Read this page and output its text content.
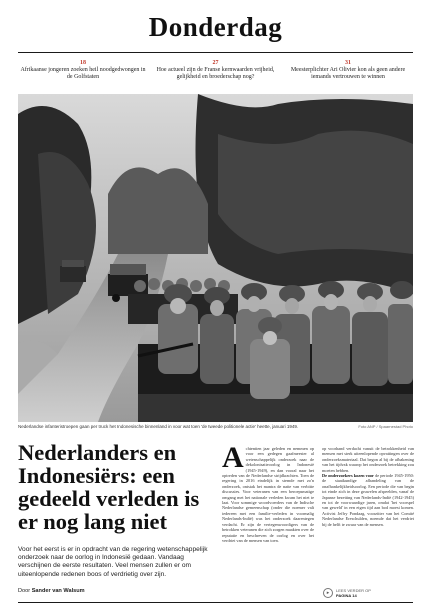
Donderdag
18
Afrikaanse jongeren zoeken heil noodgedwongen in de Golfstaten
27
Hoe actueel zijn de Franse kernwaarden vrijheid, gelijkheid en broederschap nog?
31
Meesterplichter Ari Olivier kon als geen andere iemands vertrouwen te winnen
Nederlandse infanteristroepen gaan per truck het Indonesische binnenland in voor wat toen 'de tweede politionele actie' heette, januari 1949.	Foto ANP / Spaarnestad Photo
Nederlanders en Indonesiërs: een gedeeld verleden is er nog lang niet
Voor het eerst is er in opdracht van de regering wetenschappelijk onderzoek naar de oorlog in Indonesië gedaan. Vandaag verschijnen de eerste resultaten. Veel mensen zullen er om uiteenlopende redenen boos of verdrietig over zijn.
Door Sander van Walsum
A chtentien jaar geleden en nemmen op voor een gedegen gaafmeester al wetenschappelijk onderzoek naar de dekolonisatieoorlog in Indonesië (1945-1949), en dan vooral naar het optreden van de Nederlandse strijdkrachten. Toen de regering in 2016 eindelijk in stemde met zo'n onderzoek, ontstak het mantra de natte van verbitte discussies. Voor veteranen van een beroepsmatige omgang met het nationale verleden kwam het niet te laat. Voor sommige woordvoerders van de Indische Nederlandse gemeenschap (onder die noemer valt iedereen met een familie-verleden in voormalig Nederlands-Indië) was het onderzoek daarentegen verdacht. Er zijn de vertegenwoordigers van de betrokken veteranen die zich zorgen maakten over de reputatie en beschreven de oorlog en over het verdriet van de mensen van toen.
op voorhand verdacht vanuit de betrokkenheid van mensen met sterk uiteenlopende opvattingen over de onderzoeksmateriaal. Dat begon al bij de afbakening van het tijdvak waarop het onderzoek betrekking zou moeten hebben.
De onderzoekers kozen voor de periode 1945-1950: de staatkundige afhandeling van de onafhankelijkheidsoorlog. Een periode die van begin tot einde zich in deze gruwelen afspeelden, vanaf de Japanse bezetting van Nederlands-Indië (1942-1945) en tot de voorwaardige jaren, omdat 'het voorspel van geweld' in een eigen tijd aan bod moest komen. Activist Jeffry Pondaag, voorzitter van het Comité Nederlandse Ereschulden, noemde dat het verdriet bij de helft te zwaar van de mensen.
▸	LEES VERDER OP
PAGINA 14
